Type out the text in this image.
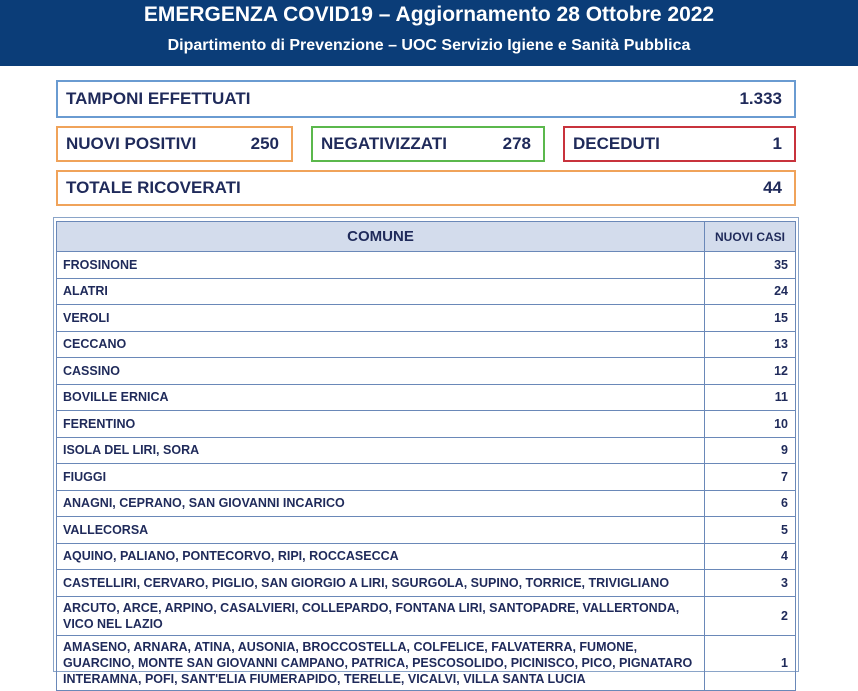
EMERGENZA COVID19 – Aggiornamento 28 Ottobre 2022
Dipartimento di Prevenzione – UOC Servizio Igiene e Sanità Pubblica
TAMPONI EFFETTUATI	1.333
NUOVI POSITIVI	250 NEGATIVIZZATI	278 DECEDUTI	1
TOTALE RICOVERATI	44
COMUNE	NUOVI CASI
FROSINONE	35
ALATRI	24
VEROLI	15
CECCANO	13
CASSINO	12
BOVILLE ERNICA	11
FERENTINO	10
ISOLA DEL LIRI, SORA	9
FIUGGI	7
ANAGNI, CEPRANO, SAN GIOVANNI INCARICO	6
VALLECORSA	5
AQUINO, PALIANO, PONTECORVO, RIPI, ROCCASECCA	4
CASTELLIRI, CERVARO, PIGLIO, SAN GIORGIO A LIRI, SGURGOLA, SUPINO, TORRICE, TRIVIGLIANO	3
ARCUTO, ARCE, ARPINO, CASALVIERI, COLLEPARDO, FONTANA LIRI, SANTOPADRE, VALLERTONDA, VICO NEL LAZIO	2
AMASENO, ARNARA, ATINA, AUSONIA, BROCCOSTELLA, COLFELICE, FALVATERRA, FUMONE, GUARCINO, MONTE SAN GIOVANNI CAMPANO, PATRICA, PESCOSOLIDO, PICINISCO, PICO, PIGNATARO INTERAMNA, POFI, SANT'ELIA FIUMERAPIDO, TERELLE, VICALVI, VILLA SANTA LUCIA	1
